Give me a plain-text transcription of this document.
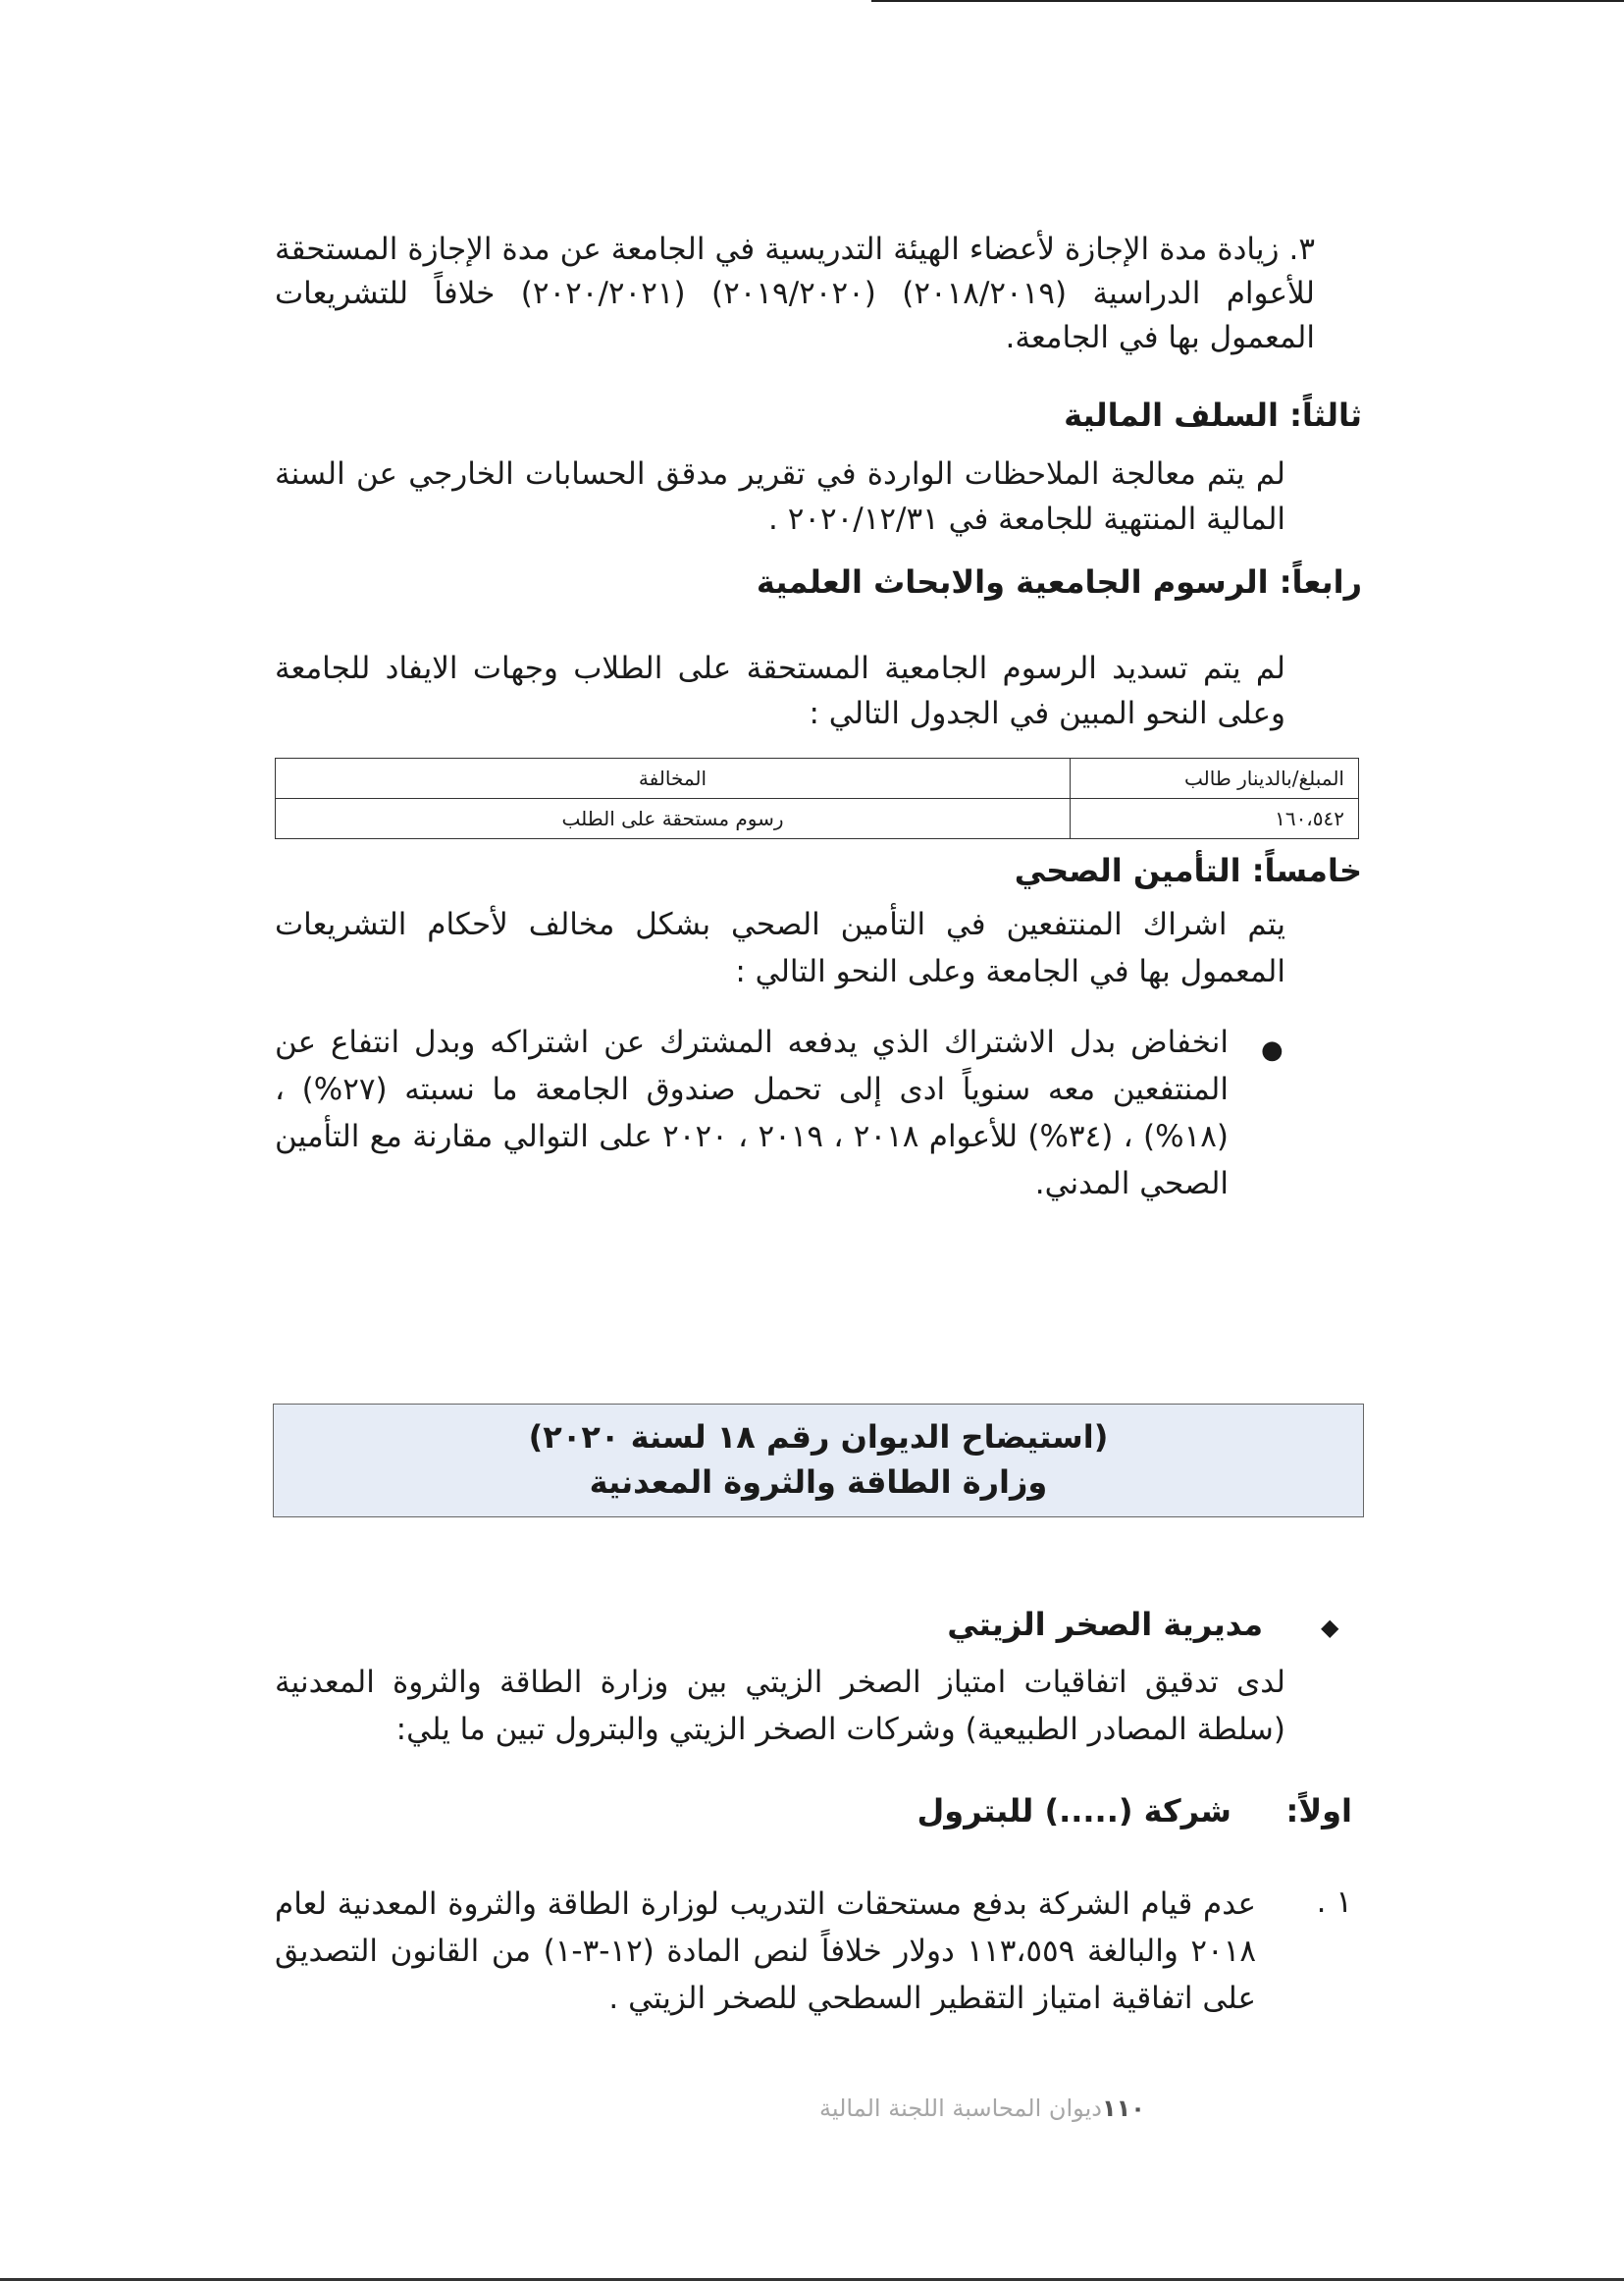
٣. زيادة مدة الإجازة لأعضاء الهيئة التدريسية في الجامعة عن مدة الإجازة المستحقة للأعوام الدراسية (٢٠١٨/٢٠١٩) (٢٠١٩/٢٠٢٠) (٢٠٢٠/٢٠٢١) خلافاً للتشريعات المعمول بها في الجامعة.
ثالثاً: السلف المالية
لم يتم معالجة الملاحظات الواردة في تقرير مدقق الحسابات الخارجي عن السنة المالية المنتهية للجامعة في ٢٠٢٠/١٢/٣١ .
رابعاً: الرسوم الجامعية والابحاث العلمية
لم يتم تسديد الرسوم الجامعية المستحقة على الطلاب وجهات الايفاد للجامعة وعلى النحو المبين في الجدول التالي :
المبلغ/بالدينار طالب	المخالفة
١٦٠،٥٤٢	رسوم مستحقة على الطلب
خامساً: التأمين الصحي
يتم اشراك المنتفعين في التأمين الصحي بشكل مخالف لأحكام التشريعات المعمول بها في الجامعة وعلى النحو التالي :
●
انخفاض بدل الاشتراك الذي يدفعه المشترك عن اشتراكه وبدل انتفاع عن المنتفعين معه سنوياً ادى إلى تحمل صندوق الجامعة ما نسبته (٢٧%) ، (١٨%) ، (٣٤%) للأعوام ٢٠١٨ ، ٢٠١٩ ، ٢٠٢٠ على التوالي مقارنة مع التأمين الصحي المدني.
(استيضاح الديوان رقم ١٨ لسنة ٢٠٢٠)
وزارة الطاقة والثروة المعدنية
◆
مديرية الصخر الزيتي
لدى تدقيق اتفاقيات امتياز الصخر الزيتي بين وزارة الطاقة والثروة المعدنية (سلطة المصادر الطبيعية) وشركات الصخر الزيتي والبترول تبين ما يلي:
اولاً:
شركة (.....) للبترول
١ .
عدم قيام الشركة بدفع مستحقات التدريب لوزارة الطاقة والثروة المعدنية لعام ٢٠١٨ والبالغة ١١٣،٥٥٩ دولار خلافاً لنص المادة (١٢-٣-١) من القانون التصديق على اتفاقية امتياز التقطير السطحي للصخر الزيتي .
١١٠ديوان المحاسبة اللجنة المالية
